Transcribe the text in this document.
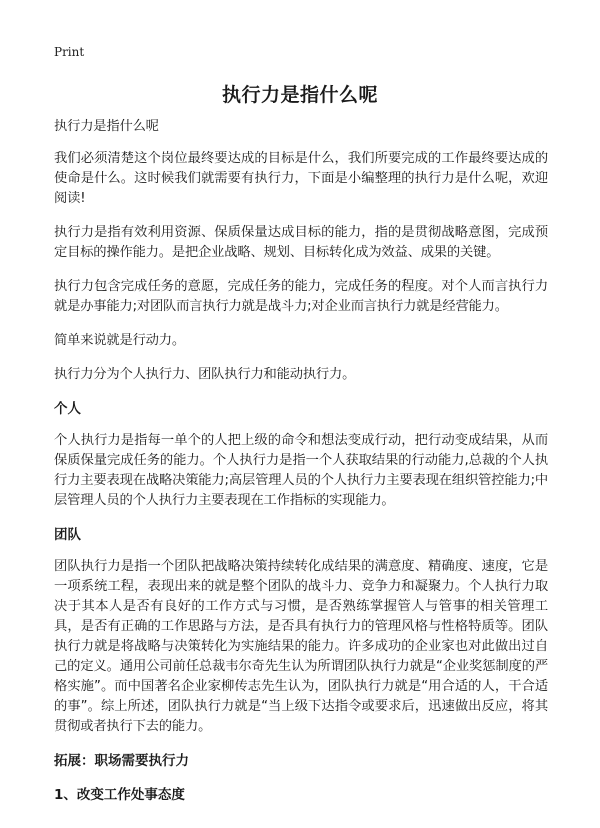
Print
执行力是指什么呢

执行力是指什么呢

我们必须清楚这个岗位最终要达成的目标是什么，我们所要完成的工作最终要达成的使命是什么。这时候我们就需要有执行力，下面是小编整理的执行力是什么呢，欢迎阅读!

执行力是指有效利用资源、保质保量达成目标的能力，指的是贯彻战略意图，完成预定目标的操作能力。是把企业战略、规划、目标转化成为效益、成果的关键。

执行力包含完成任务的意愿，完成任务的能力，完成任务的程度。对个人而言执行力就是办事能力;对团队而言执行力就是战斗力;对企业而言执行力就是经营能力。

简单来说就是行动力。

执行力分为个人执行力、团队执行力和能动执行力。

个人

个人执行力是指每一单个的人把上级的命令和想法变成行动，把行动变成结果，从而保质保量完成任务的能力。个人执行力是指一个人获取结果的行动能力,总裁的个人执行力主要表现在战略决策能力;高层管理人员的个人执行力主要表现在组织管控能力;中层管理人员的个人执行力主要表现在工作指标的实现能力。

团队

团队执行力是指一个团队把战略决策持续转化成结果的满意度、精确度、速度，它是一项系统工程，表现出来的就是整个团队的战斗力、竞争力和凝聚力。个人执行力取决于其本人是否有良好的工作方式与习惯，是否熟练掌握管人与管事的相关管理工具，是否有正确的工作思路与方法，是否具有执行力的管理风格与性格特质等。团队执行力就是将战略与决策转化为实施结果的能力。许多成功的企业家也对此做出过自己的定义。通用公司前任总裁韦尔奇先生认为所谓团队执行力就是“企业奖惩制度的严格实施”。而中国著名企业家柳传志先生认为，团队执行力就是“用合适的人，干合适的事”。综上所述，团队执行力就是“当上级下达指令或要求后，迅速做出反应，将其贯彻或者执行下去的能力。

拓展：职场需要执行力
1、改变工作处事态度
